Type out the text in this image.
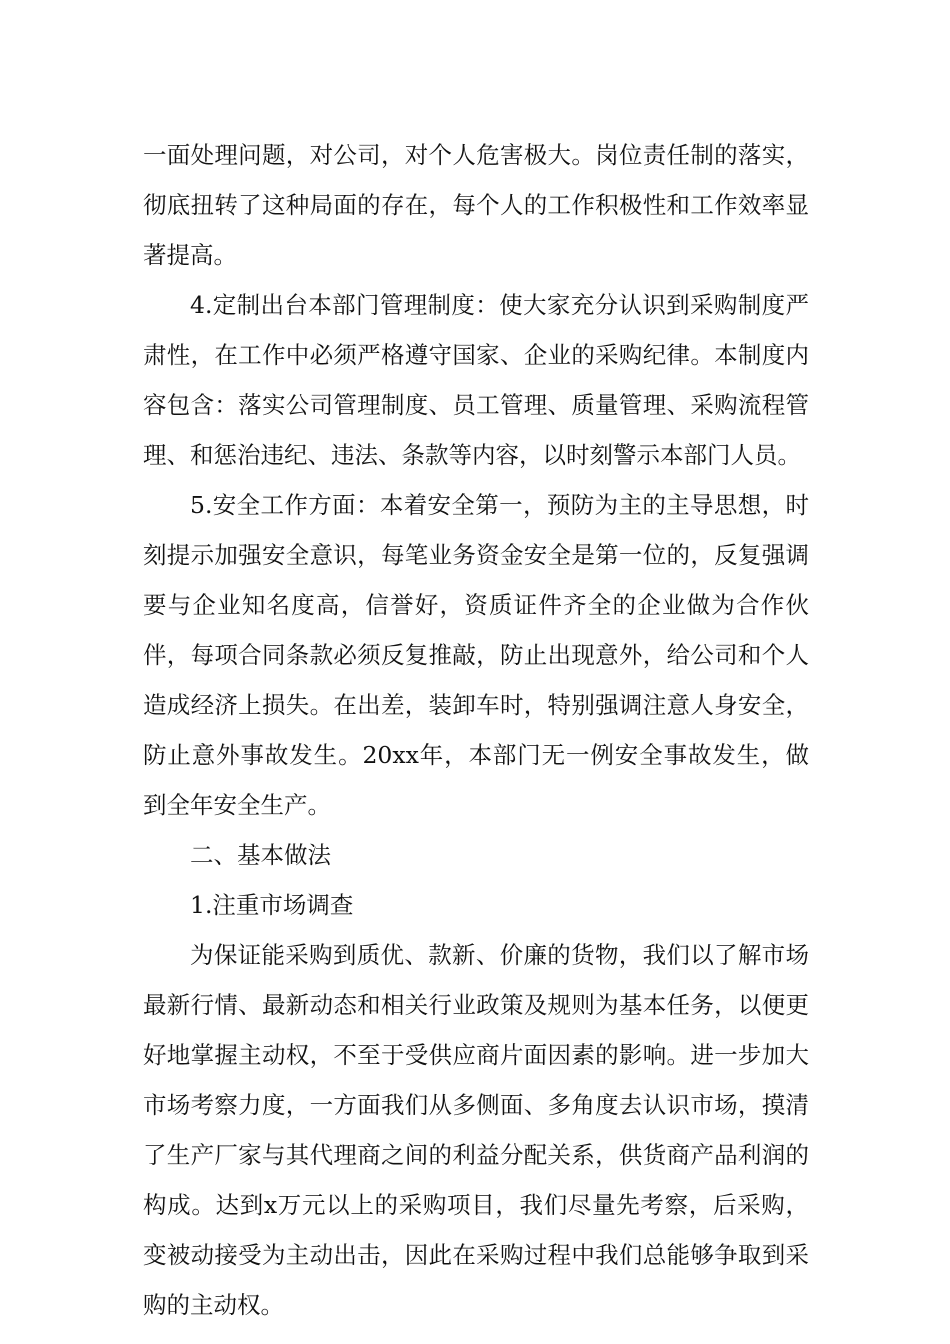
一面处理问题，对公司，对个人危害极大。岗位责任制的落实，彻底扭转了这种局面的存在，每个人的工作积极性和工作效率显著提高。

4.定制出台本部门管理制度：使大家充分认识到采购制度严肃性，在工作中必须严格遵守国家、企业的采购纪律。本制度内容包含：落实公司管理制度、员工管理、质量管理、采购流程管理、和惩治违纪、违法、条款等内容，以时刻警示本部门人员。

5.安全工作方面：本着安全第一，预防为主的主导思想，时刻提示加强安全意识，每笔业务资金安全是第一位的，反复强调要与企业知名度高，信誉好，资质证件齐全的企业做为合作伙伴，每项合同条款必须反复推敲，防止出现意外，给公司和个人造成经济上损失。在出差，装卸车时，特别强调注意人身安全，防止意外事故发生。20xx年，本部门无一例安全事故发生，做到全年安全生产。

二、基本做法

1.注重市场调查

为保证能采购到质优、款新、价廉的货物，我们以了解市场最新行情、最新动态和相关行业政策及规则为基本任务，以便更好地掌握主动权，不至于受供应商片面因素的影响。进一步加大市场考察力度，一方面我们从多侧面、多角度去认识市场，摸清了生产厂家与其代理商之间的利益分配关系，供货商产品利润的构成。达到x万元以上的采购项目，我们尽量先考察，后采购，变被动接受为主动出击，因此在采购过程中我们总能够争取到采购的主动权。
